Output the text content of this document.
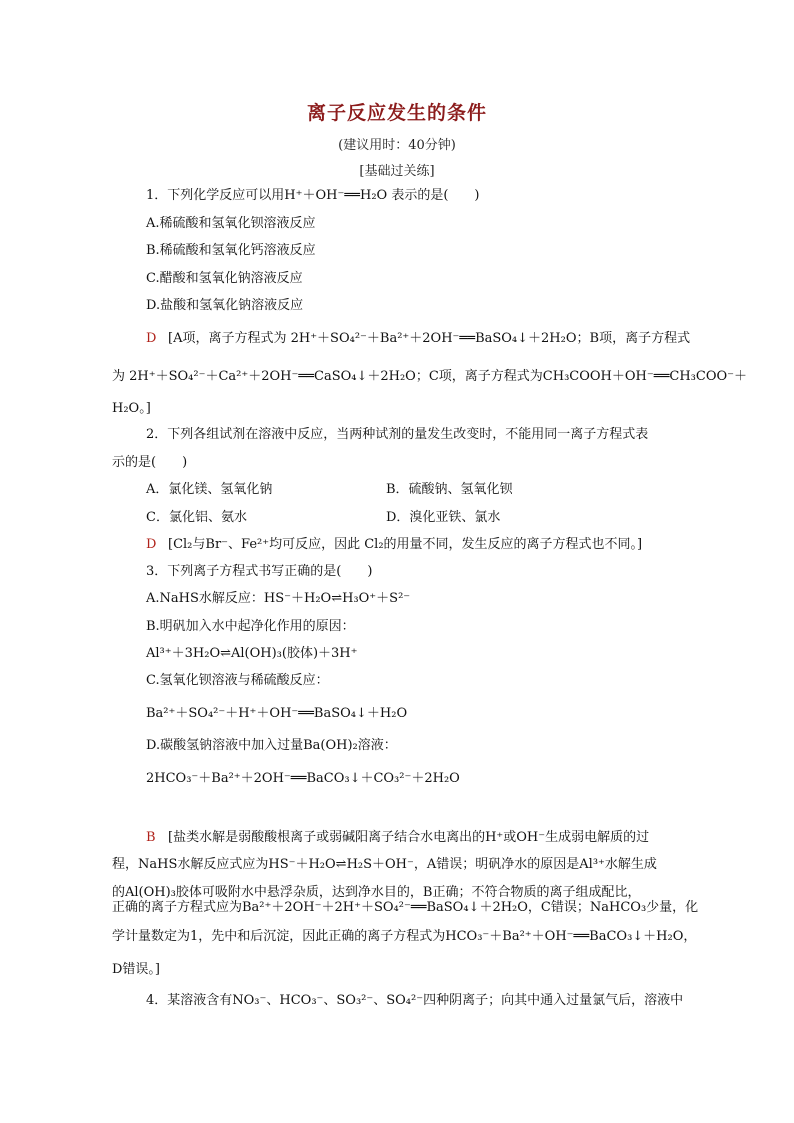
离子反应发生的条件
(建议用时：40分钟)
[基础过关练]
1．下列化学反应可以用H⁺＋OH⁻══H₂O 表示的是(　　)
A.稀硫酸和氢氧化钡溶液反应
B.稀硫酸和氢氧化钙溶液反应
C.醋酸和氢氧化钠溶液反应
D.盐酸和氢氧化钠溶液反应
D [A项，离子方程式为 2H⁺＋SO₄²⁻＋Ba²⁺＋2OH⁻══BaSO₄↓＋2H₂O；B项，离子方程式
为 2H⁺＋SO₄²⁻＋Ca²⁺＋2OH⁻══CaSO₄↓＋2H₂O；C项，离子方程式为CH₃COOH＋OH⁻══CH₃COO⁻＋
H₂O。]
2．下列各组试剂在溶液中反应，当两种试剂的量发生改变时，不能用同一离子方程式表
示的是(　　)
A．氯化镁、氢氧化钠	B．硫酸钠、氢氧化钡
C．氯化铝、氨水	D．溴化亚铁、氯水
D [Cl₂与Br⁻、Fe²⁺均可反应，因此 Cl₂的用量不同，发生反应的离子方程式也不同。]
3．下列离子方程式书写正确的是(　　)
A.NaHS水解反应：HS⁻＋H₂O⇌H₃O⁺＋S²⁻
B.明矾加入水中起净化作用的原因：
Al³⁺＋3H₂O⇌Al(OH)₃(胶体)＋3H⁺
C.氢氧化钡溶液与稀硫酸反应：
Ba²⁺＋SO₄²⁻＋H⁺＋OH⁻══BaSO₄↓＋H₂O
D.碳酸氢钠溶液中加入过量Ba(OH)₂溶液：
2HCO₃⁻＋Ba²⁺＋2OH⁻══BaCO₃↓＋CO₃²⁻＋2H₂O
B [盐类水解是弱酸酸根离子或弱碱阳离子结合水电离出的H⁺或OH⁻生成弱电解质的过
程，NaHS水解反应式应为HS⁻＋H₂O⇌H₂S＋OH⁻，A错误；明矾净水的原因是Al³⁺水解生成
的Al(OH)₃胶体可吸附水中悬浮杂质，达到净水目的，B正确；不符合物质的离子组成配比，
正确的离子方程式应为Ba²⁺＋2OH⁻＋2H⁺＋SO₄²⁻══BaSO₄↓＋2H₂O，C错误；NaHCO₃少量，化
学计量数定为1，先中和后沉淀，因此正确的离子方程式为HCO₃⁻＋Ba²⁺＋OH⁻══BaCO₃↓＋H₂O，
D错误。]
4．某溶液含有NO₃⁻、HCO₃⁻、SO₃²⁻、SO₄²⁻四种阴离子；向其中通入过量氯气后，溶液中
